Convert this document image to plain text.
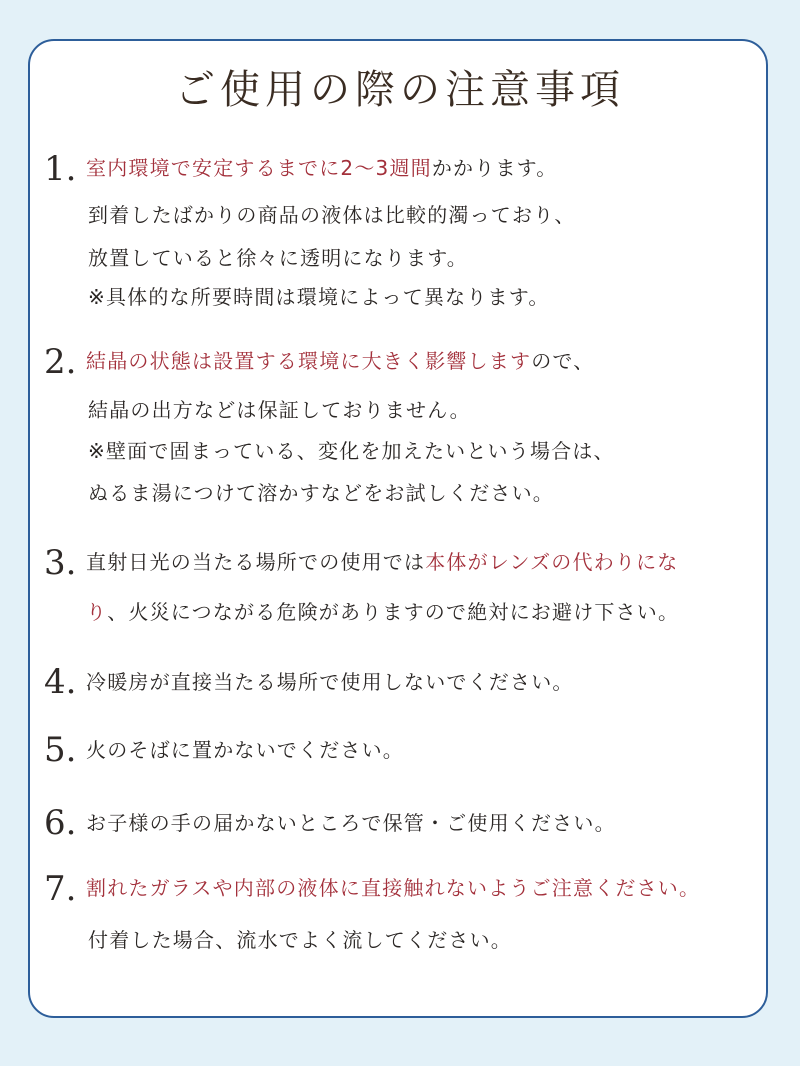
ご使用の際の注意事項
1. 室内環境で安定するまでに2〜3週間かかります。
到着したばかりの商品の液体は比較的濁っており、
放置していると徐々に透明になります。
※具体的な所要時間は環境によって異なります。
2. 結晶の状態は設置する環境に大きく影響しますので、
結晶の出方などは保証しておりません。
※壁面で固まっている、変化を加えたいという場合は、
ぬるま湯につけて溶かすなどをお試しください。
3. 直射日光の当たる場所での使用では本体がレンズの代わりにな
り、火災につながる危険がありますので絶対にお避け下さい。
4. 冷暖房が直接当たる場所で使用しないでください。
5. 火のそばに置かないでください。
6. お子様の手の届かないところで保管・ご使用ください。
7. 割れたガラスや内部の液体に直接触れないようご注意ください。
付着した場合、流水でよく流してください。
